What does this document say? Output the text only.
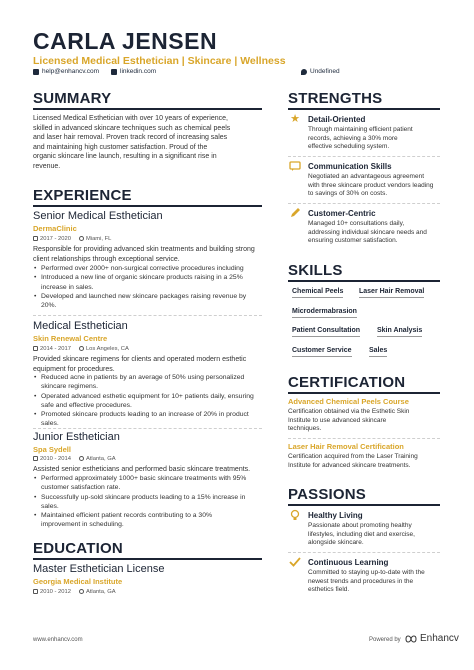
CARLA JENSEN
Licensed Medical Esthetician | Skincare | Wellness
help@enhancv.com	linkedin.com	Undefined
SUMMARY
Licensed Medical Esthetician with over 10 years of experience,
skilled in advanced skincare techniques such as chemical peels
and laser hair removal. Proven track record of increasing sales
and maintaining high customer satisfaction. Proud of the
organic skincare line launch, resulting in a significant rise in
revenue.
EXPERIENCE
Senior Medical Esthetician
DermaClinic
2017 - 2020	Miami, FL
Responsible for providing advanced skin treatments and building strong
client relationships through exceptional service.
• Performed over 2000+ non-surgical corrective procedures including
• Introduced a new line of organic skincare products raising in a 25%
increase in sales.
• Developed and launched new skincare packages raising revenue by
20%.
Medical Esthetician
Skin Renewal Centre
2014 - 2017	Los Angeles, CA
Provided skincare regimens for clients and operated modern esthetic
equipment for procedures.
• Reduced acne in patients by an average of 50% using personalized
skincare regimens.
• Operated advanced esthetic equipment for 10+ patients daily, ensuring
safe and effective procedures.
• Promoted skincare products leading to an increase of 20% in product
sales.
Junior Esthetician
Spa Sydell
2010 - 2014	Atlanta, GA
Assisted senior estheticians and performed basic skincare treatments.
• Performed approximately 1000+ basic skincare treatments with 95%
customer satisfaction rate.
• Successfully up-sold skincare products leading to a 15% increase in
sales.
• Maintained efficient patient records contributing to a 30%
improvement in scheduling.
EDUCATION
Master Esthetician License
Georgia Medical Institute
2010 - 2012	Atlanta, GA
STRENGTHS
★ Detail-Oriented
Through maintaining efficient patient
records, achieving a 30% more
effective scheduling system.
Communication Skills
Negotiated an advantageous agreement
with three skincare product vendors leading
to savings of 30% on costs.
Customer-Centric
Managed 10+ consultations daily,
addressing individual skincare needs and
ensuring customer satisfaction.
SKILLS
Chemical Peels Laser Hair Removal
Microdermabrasion
Patient Consultation Skin Analysis
Customer Service Sales
CERTIFICATION
Advanced Chemical Peels Course
Certification obtained via the Esthetic Skin
Institute to use advanced skincare
techniques.
Laser Hair Removal Certification
Certification acquired from the Laser Training
Institute for advanced skincare treatments.
PASSIONS
Healthy Living
Passionate about promoting healthy
lifestyles, including diet and exercise,
alongside skincare.
Continuous Learning
Committed to staying up-to-date with the
newest trends and procedures in the
esthetics field.
www.enhancv.com	Powered by Enhancv
